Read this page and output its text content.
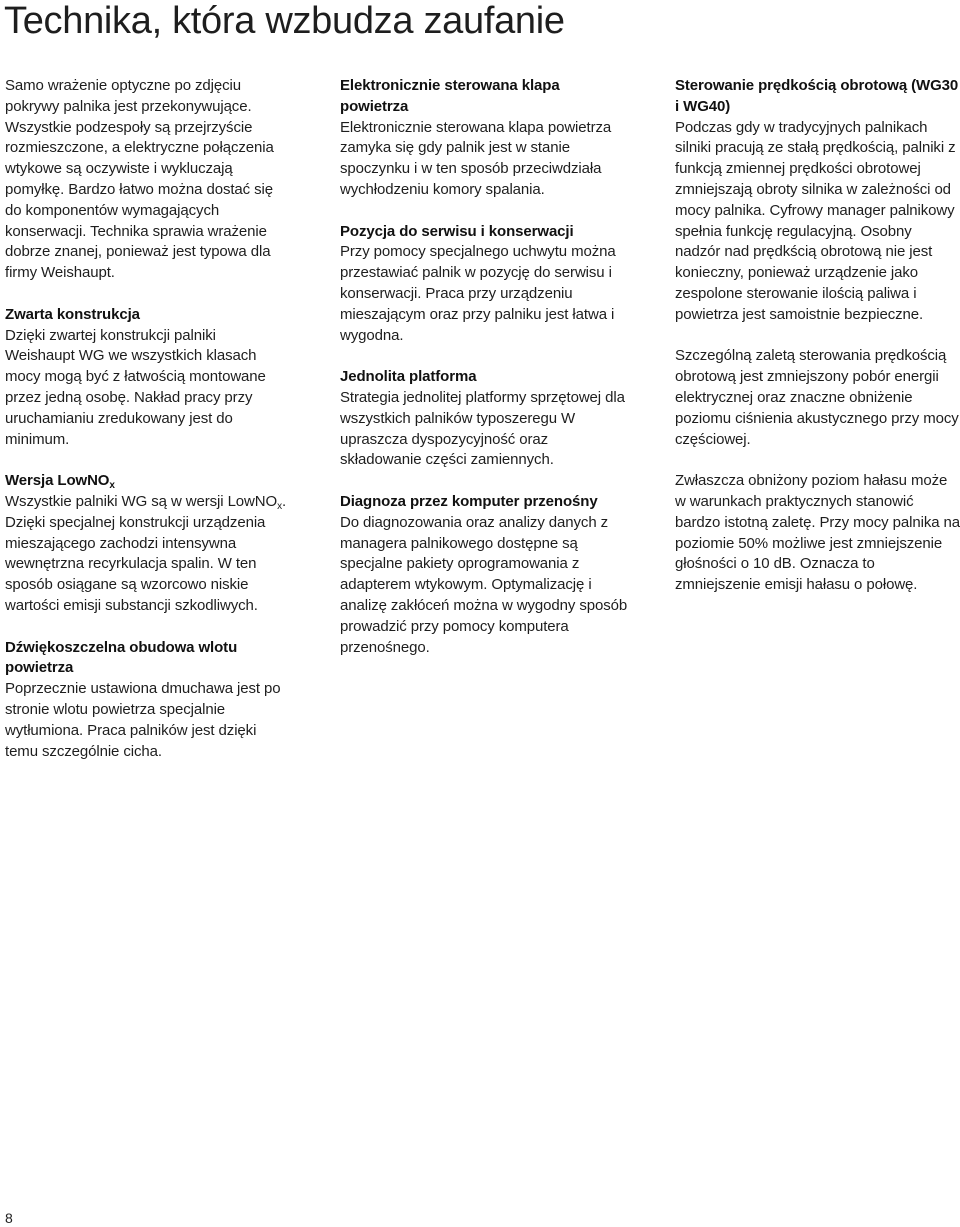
Technika, która wzbudza zaufanie

Samo wrażenie optyczne po zdjęciu pokrywy palnika jest przekonywujące. Wszystkie podzespoły są przejrzyście rozmieszczone, a elektryczne połączenia wtykowe są oczywiste i wykluczają pomyłkę. Bardzo łatwo można dostać się do komponentów wymagających konserwacji. Technika sprawia wrażenie dobrze znanej, ponieważ jest typowa dla firmy Weishaupt.

Zwarta konstrukcja

Dzięki zwartej konstrukcji palniki Weishaupt WG we wszystkich klasach mocy mogą być z łatwością montowane przez jedną osobę. Nakład pracy przy uruchamianiu zredukowany jest do minimum.

Wersja LowNO$_x$

Wszystkie palniki WG są w wersji LowNO$_x$. Dzięki specjalnej konstrukcji urządzenia mieszającego zachodzi intensywna wewnętrzna recyrkulacja spalin. W ten sposób osiągane są wzorcowo niskie wartości emisji substancji szkodliwych.

Dźwiękoszczelna obudowa wlotu powietrza

Poprzecznie ustawiona dmuchawa jest po stronie wlotu powietrza specjalnie wytłumiona. Praca palników jest dzięki temu szczególnie cicha.

Elektronicznie sterowana klapa powietrza

Elektronicznie sterowana klapa powietrza zamyka się gdy palnik jest w stanie spoczynku i w ten sposób przeciwdziała wychłodzeniu komory spalania.

Pozycja do serwisu i konserwacji

Przy pomocy specjalnego uchwytu można przestawiać palnik w pozycję do serwisu i konserwacji. Praca przy urządzeniu mieszającym oraz przy palniku jest łatwa i wygodna.

Jednolita platforma

Strategia jednolitej platformy sprzętowej dla wszystkich palników typoszeregu W upraszcza dyspozycyjność oraz składowanie części zamiennych.

Diagnoza przez komputer przenośny

Do diagnozowania oraz analizy danych z managera palnikowego dostępne są specjalne pakiety oprogramowania z adapterem wtykowym. Optymalizację i analizę zakłóceń można w wygodny sposób prowadzić przy pomocy komputera przenośnego.

Sterowanie prędkością obrotową (WG30 i WG40)

Podczas gdy w tradycyjnych palnikach silniki pracują ze stałą prędkością, palniki z funkcją zmiennej prędkości obrotowej zmniejszają obroty silnika w zależności od mocy palnika. Cyfrowy manager palnikowy spełnia funkcję regulacyjną. Osobny nadzór nad prędkścią obrotową nie jest konieczny, ponieważ urządzenie jako zespolone sterowanie ilością paliwa i powietrza jest samoistnie bezpieczne.

Szczególną zaletą sterowania prędkością obrotową jest zmniejszony pobór energii elektrycznej oraz znaczne obniżenie poziomu ciśnienia akustycznego przy mocy częściowej.

Zwłaszcza obniżony poziom hałasu może w warunkach praktycznych stanowić bardzo istotną zaletę. Przy mocy palnika na poziomie 50% możliwe jest zmniejszenie głośności o 10 dB. Oznacza to zmniejszenie emisji hałasu o połowę.

8
